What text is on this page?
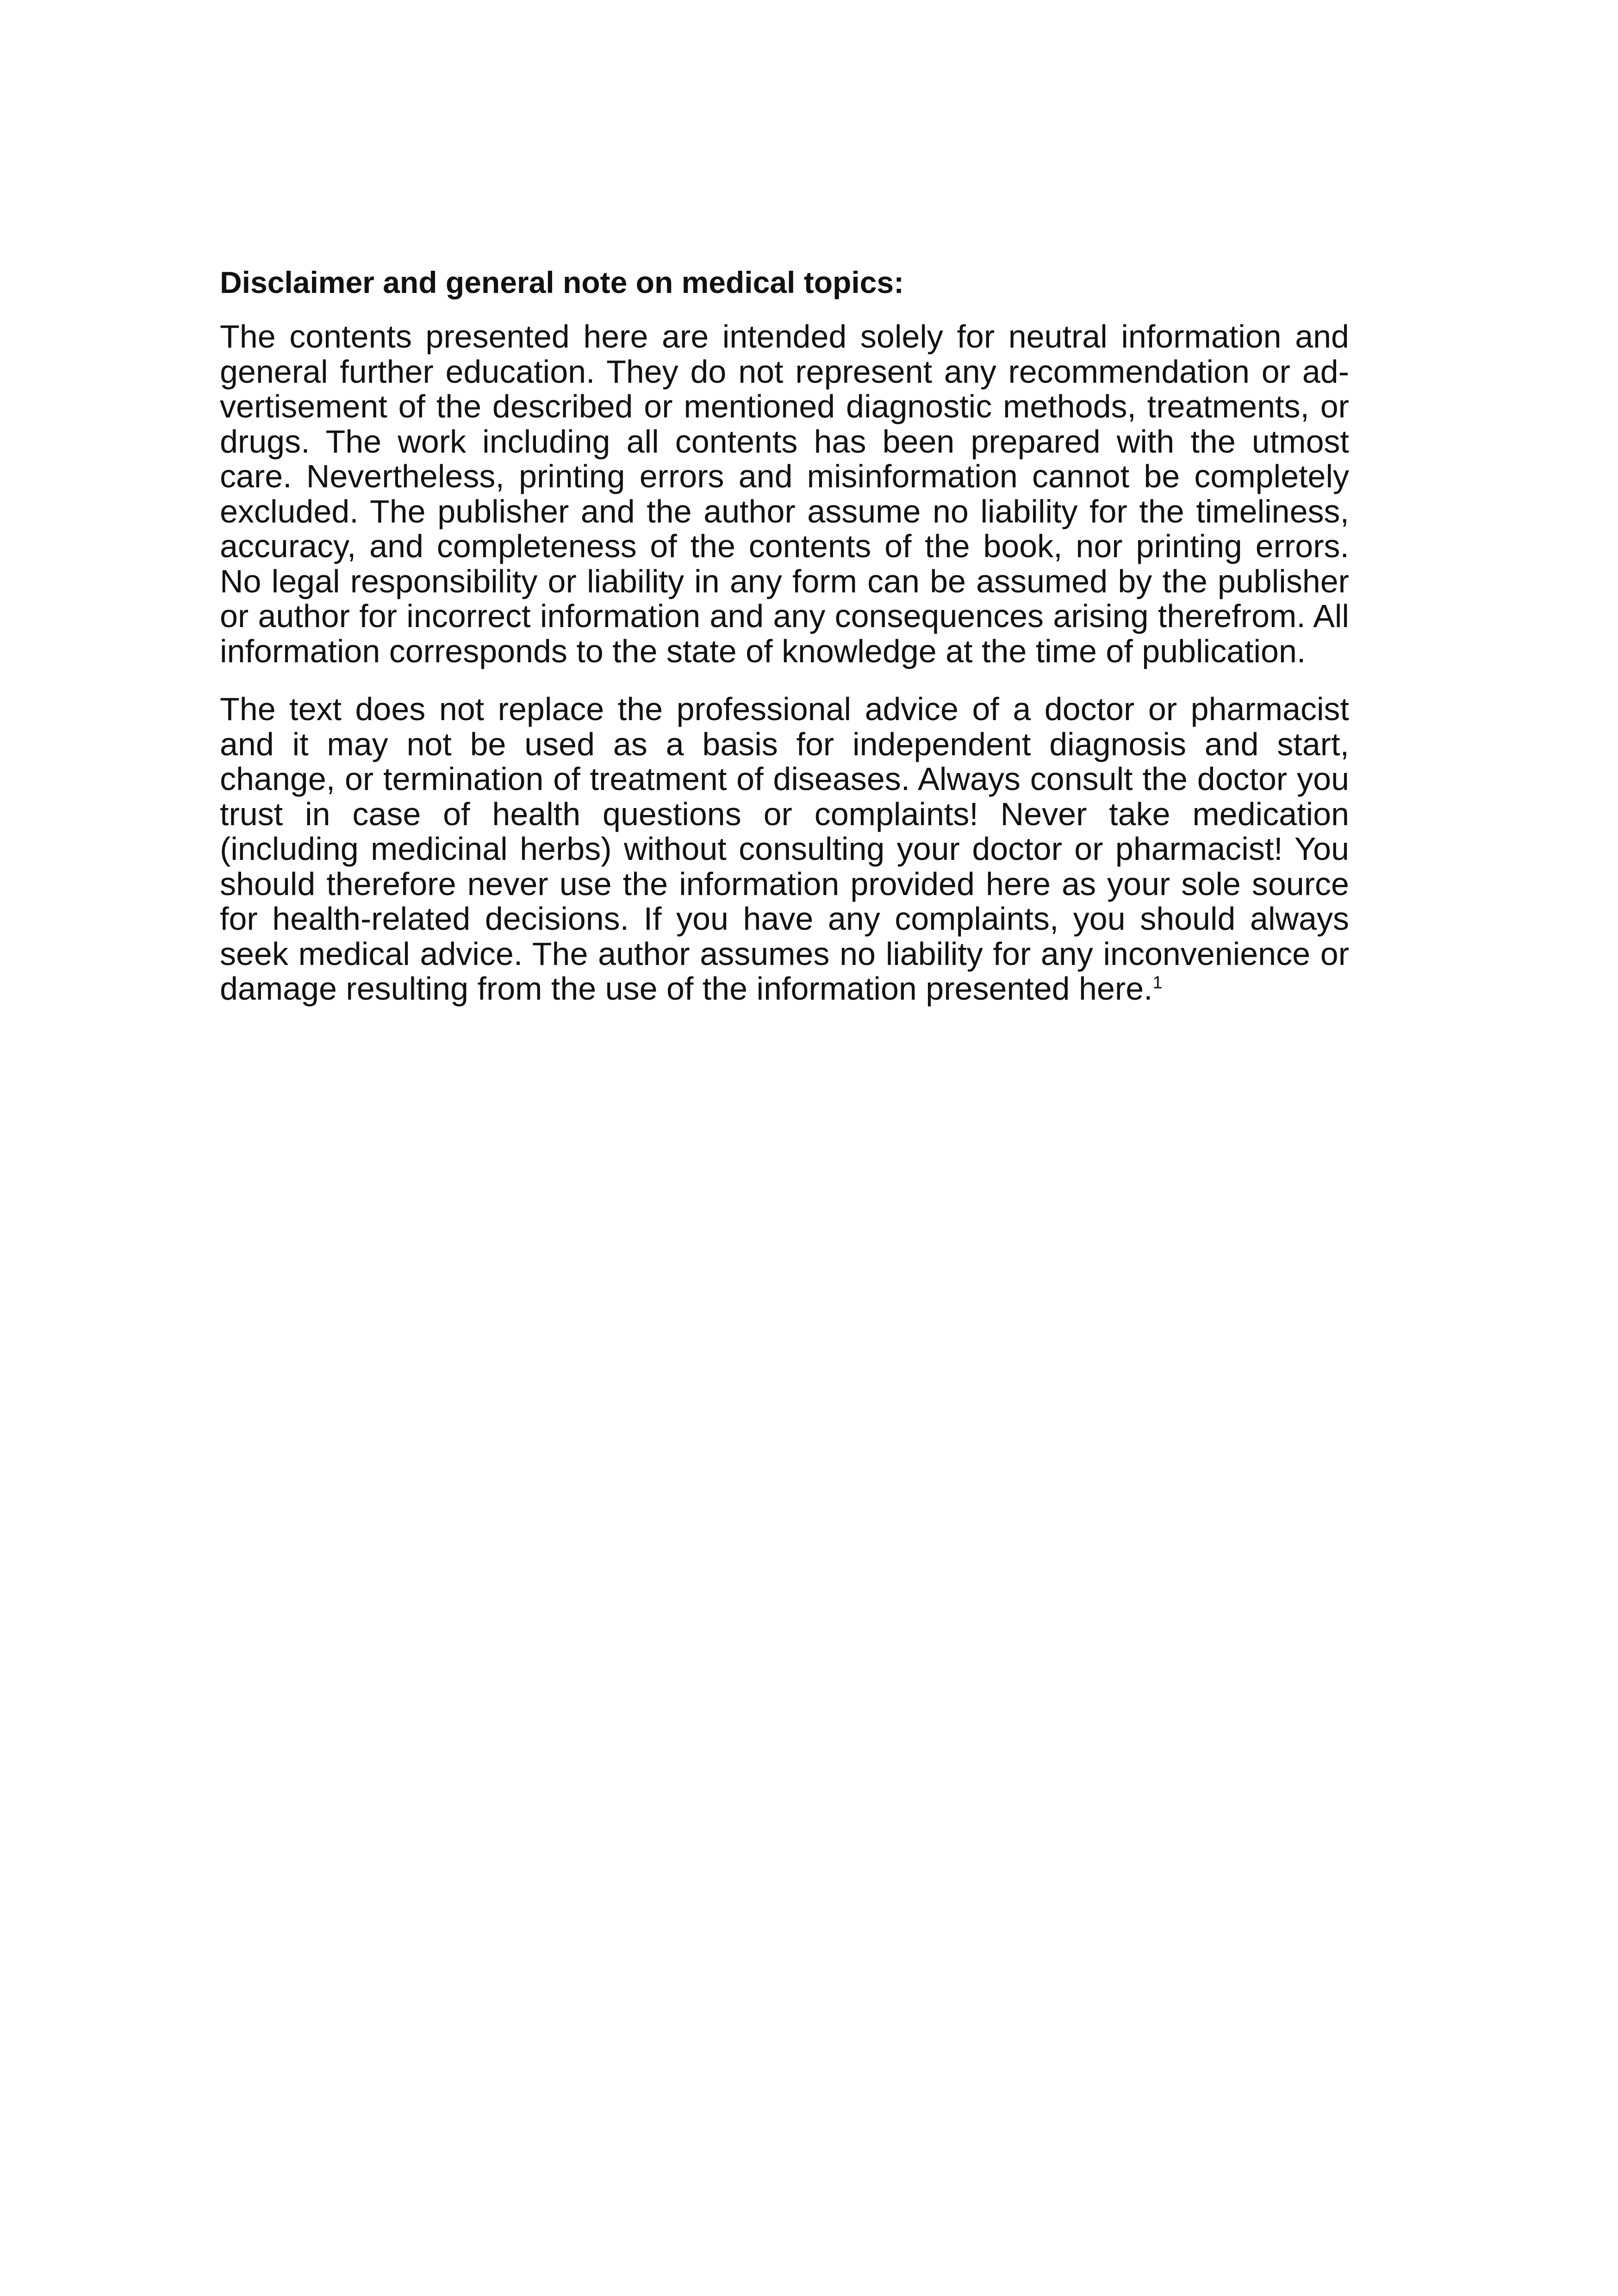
Disclaimer and general note on medical topics:

The contents presented here are intended solely for neutral information and general further education. They do not represent any recommendation or advertisement of the described or mentioned diagnostic methods, treatments, or drugs. The work including all contents has been prepared with the utmost care. Nevertheless, printing errors and misinformation cannot be completely excluded. The publisher and the author assume no liability for the timeliness, accuracy, and completeness of the contents of the book, nor printing errors. No legal responsibility or liability in any form can be assumed by the publisher or author for incorrect information and any consequences arising therefrom. All information corresponds to the state of knowledge at the time of publication.

The text does not replace the professional advice of a doctor or pharmacist and it may not be used as a basis for independent diagnosis and start, change, or termination of treatment of diseases. Always consult the doctor you trust in case of health questions or complaints! Never take medication (including medicinal herbs) without consulting your doctor or pharmacist! You should therefore never use the information provided here as your sole source for health-related decisions. If you have any complaints, you should always seek medical advice. The author assumes no liability for any inconvenience or damage resulting from the use of the information presented here.$^1$
